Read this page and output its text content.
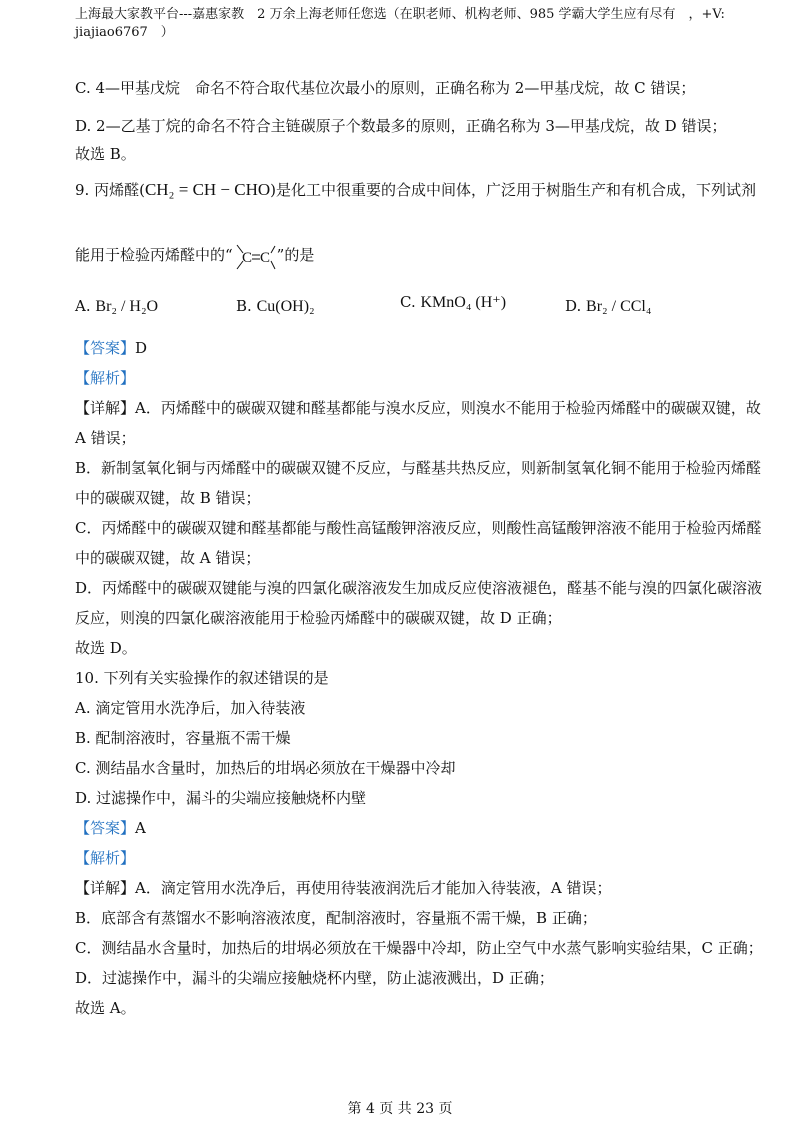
上海最大家教平台---嘉惠家教　2 万余上海老师任您选（在职老师、机构老师、985 学霸大学生应有尽有　，+V:
jiajiao6767　）
C. 4—甲基戊烷　命名不符合取代基位次最小的原则，正确名称为 2—甲基戊烷，故 C 错误；
D. 2—乙基丁烷的命名不符合主链碳原子个数最多的原则，正确名称为 3—甲基戊烷，故 D 错误；
故选 B。
9. 丙烯醛(CH₂ = CH − CHO)是化工中很重要的合成中间体，广泛用于树脂生产和有机合成，下列试剂
能用于检验丙烯醛中的“ C C ”的是
A. Br₂ / H₂O	B. Cu(OH)₂	C. KMnO₄ (H⁺)	D. Br₂ / CCl₄
【答案】D
【解析】
【详解】A．丙烯醛中的碳碳双键和醛基都能与溴水反应，则溴水不能用于检验丙烯醛中的碳碳双键，故
A 错误；
B．新制氢氧化铜与丙烯醛中的碳碳双键不反应，与醛基共热反应，则新制氢氧化铜不能用于检验丙烯醛
中的碳碳双键，故 B 错误；
C．丙烯醛中的碳碳双键和醛基都能与酸性高锰酸钾溶液反应，则酸性高锰酸钾溶液不能用于检验丙烯醛
中的碳碳双键，故 A 错误；
D．丙烯醛中的碳碳双键能与溴的四氯化碳溶液发生加成反应使溶液褪色，醛基不能与溴的四氯化碳溶液
反应，则溴的四氯化碳溶液能用于检验丙烯醛中的碳碳双键，故 D 正确；
故选 D。
10. 下列有关实验操作的叙述错误的是
A. 滴定管用水洗净后，加入待装液
B. 配制溶液时，容量瓶不需干燥
C. 测结晶水含量时，加热后的坩埚必须放在干燥器中冷却
D. 过滤操作中，漏斗的尖端应接触烧杯内壁
【答案】A
【解析】
【详解】A．滴定管用水洗净后，再使用待装液润洗后才能加入待装液，A 错误；
B．底部含有蒸馏水不影响溶液浓度，配制溶液时，容量瓶不需干燥，B 正确；
C．测结晶水含量时，加热后的坩埚必须放在干燥器中冷却，防止空气中水蒸气影响实验结果，C 正确；
D．过滤操作中，漏斗的尖端应接触烧杯内壁，防止滤液溅出，D 正确；
故选 A。
第 4 页 共 23 页
